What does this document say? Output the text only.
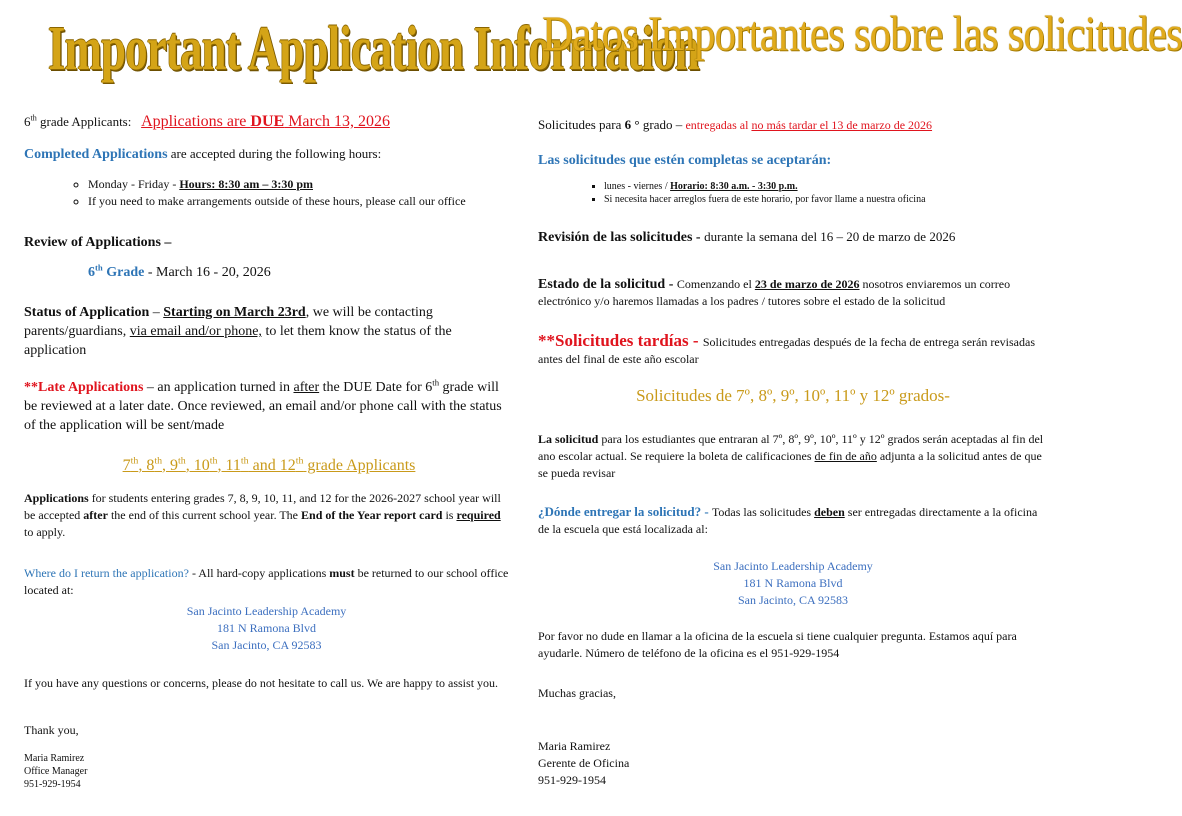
Important Application Information
6th grade Applicants: Applications are DUE March 13, 2026
Completed Applications are accepted during the following hours:
◦ Monday - Friday - Hours: 8:30 am – 3:30 pm
◦ If you need to make arrangements outside of these hours, please call our office
Review of Applications –
6th Grade - March 16 - 20, 2026
Status of Application – Starting on March 23rd, we will be contacting parents/guardians, via email and/or phone, to let them know the status of the application
**Late Applications – an application turned in after the DUE Date for 6th grade will be reviewed at a later date. Once reviewed, an email and/or phone call with the status of the application will be sent/made
7th, 8th, 9th, 10th, 11th and 12th grade Applicants
Applications for students entering grades 7, 8, 9, 10, 11, and 12 for the 2026-2027 school year will be accepted after the end of this current school year. The End of the Year report card is required to apply.
Where do I return the application? - All hard-copy applications must be returned to our school office located at:
San Jacinto Leadership Academy
181 N Ramona Blvd
San Jacinto, CA 92583
If you have any questions or concerns, please do not hesitate to call us. We are happy to assist you.
Thank you,
Maria Ramirez
Office Manager
951-929-1954
Datos Importantes sobre las solicitudes
Solicitudes para 6 ° grado – entregadas al no más tardar el 13 de marzo de 2026
Las solicitudes que estén completas se aceptarán:
▪ lunes - viernes / Horario: 8:30 a.m. - 3:30 p.m.
▪ Si necesita hacer arreglos fuera de este horario, por favor llame a nuestra oficina
Revisión de las solicitudes - durante la semana del 16 – 20 de marzo de 2026
Estado de la solicitud - Comenzando el 23 de marzo de 2026 nosotros enviaremos un correo electrónico y/o haremos llamadas a los padres / tutores sobre el estado de la solicitud
**Solicitudes tardías - Solicitudes entregadas después de la fecha de entrega serán revisadas antes del final de este año escolar
Solicitudes de 7º, 8º, 9º, 10º, 11º y 12º grados-
La solicitud para los estudiantes que entraran al 7º, 8º, 9º, 10º, 11º y 12º grados serán aceptadas al fin del ano escolar actual. Se requiere la boleta de calificaciones de fin de año adjunta a la solicitud antes de que se pueda revisar
¿Dónde entregar la solicitud? - Todas las solicitudes deben ser entregadas directamente a la oficina de la escuela que está localizada al:
San Jacinto Leadership Academy
181 N Ramona Blvd
San Jacinto, CA 92583
Por favor no dude en llamar a la oficina de la escuela si tiene cualquier pregunta. Estamos aquí para ayudarle. Número de teléfono de la oficina es el 951-929-1954
Muchas gracias,
Maria Ramirez
Gerente de Oficina
951-929-1954
